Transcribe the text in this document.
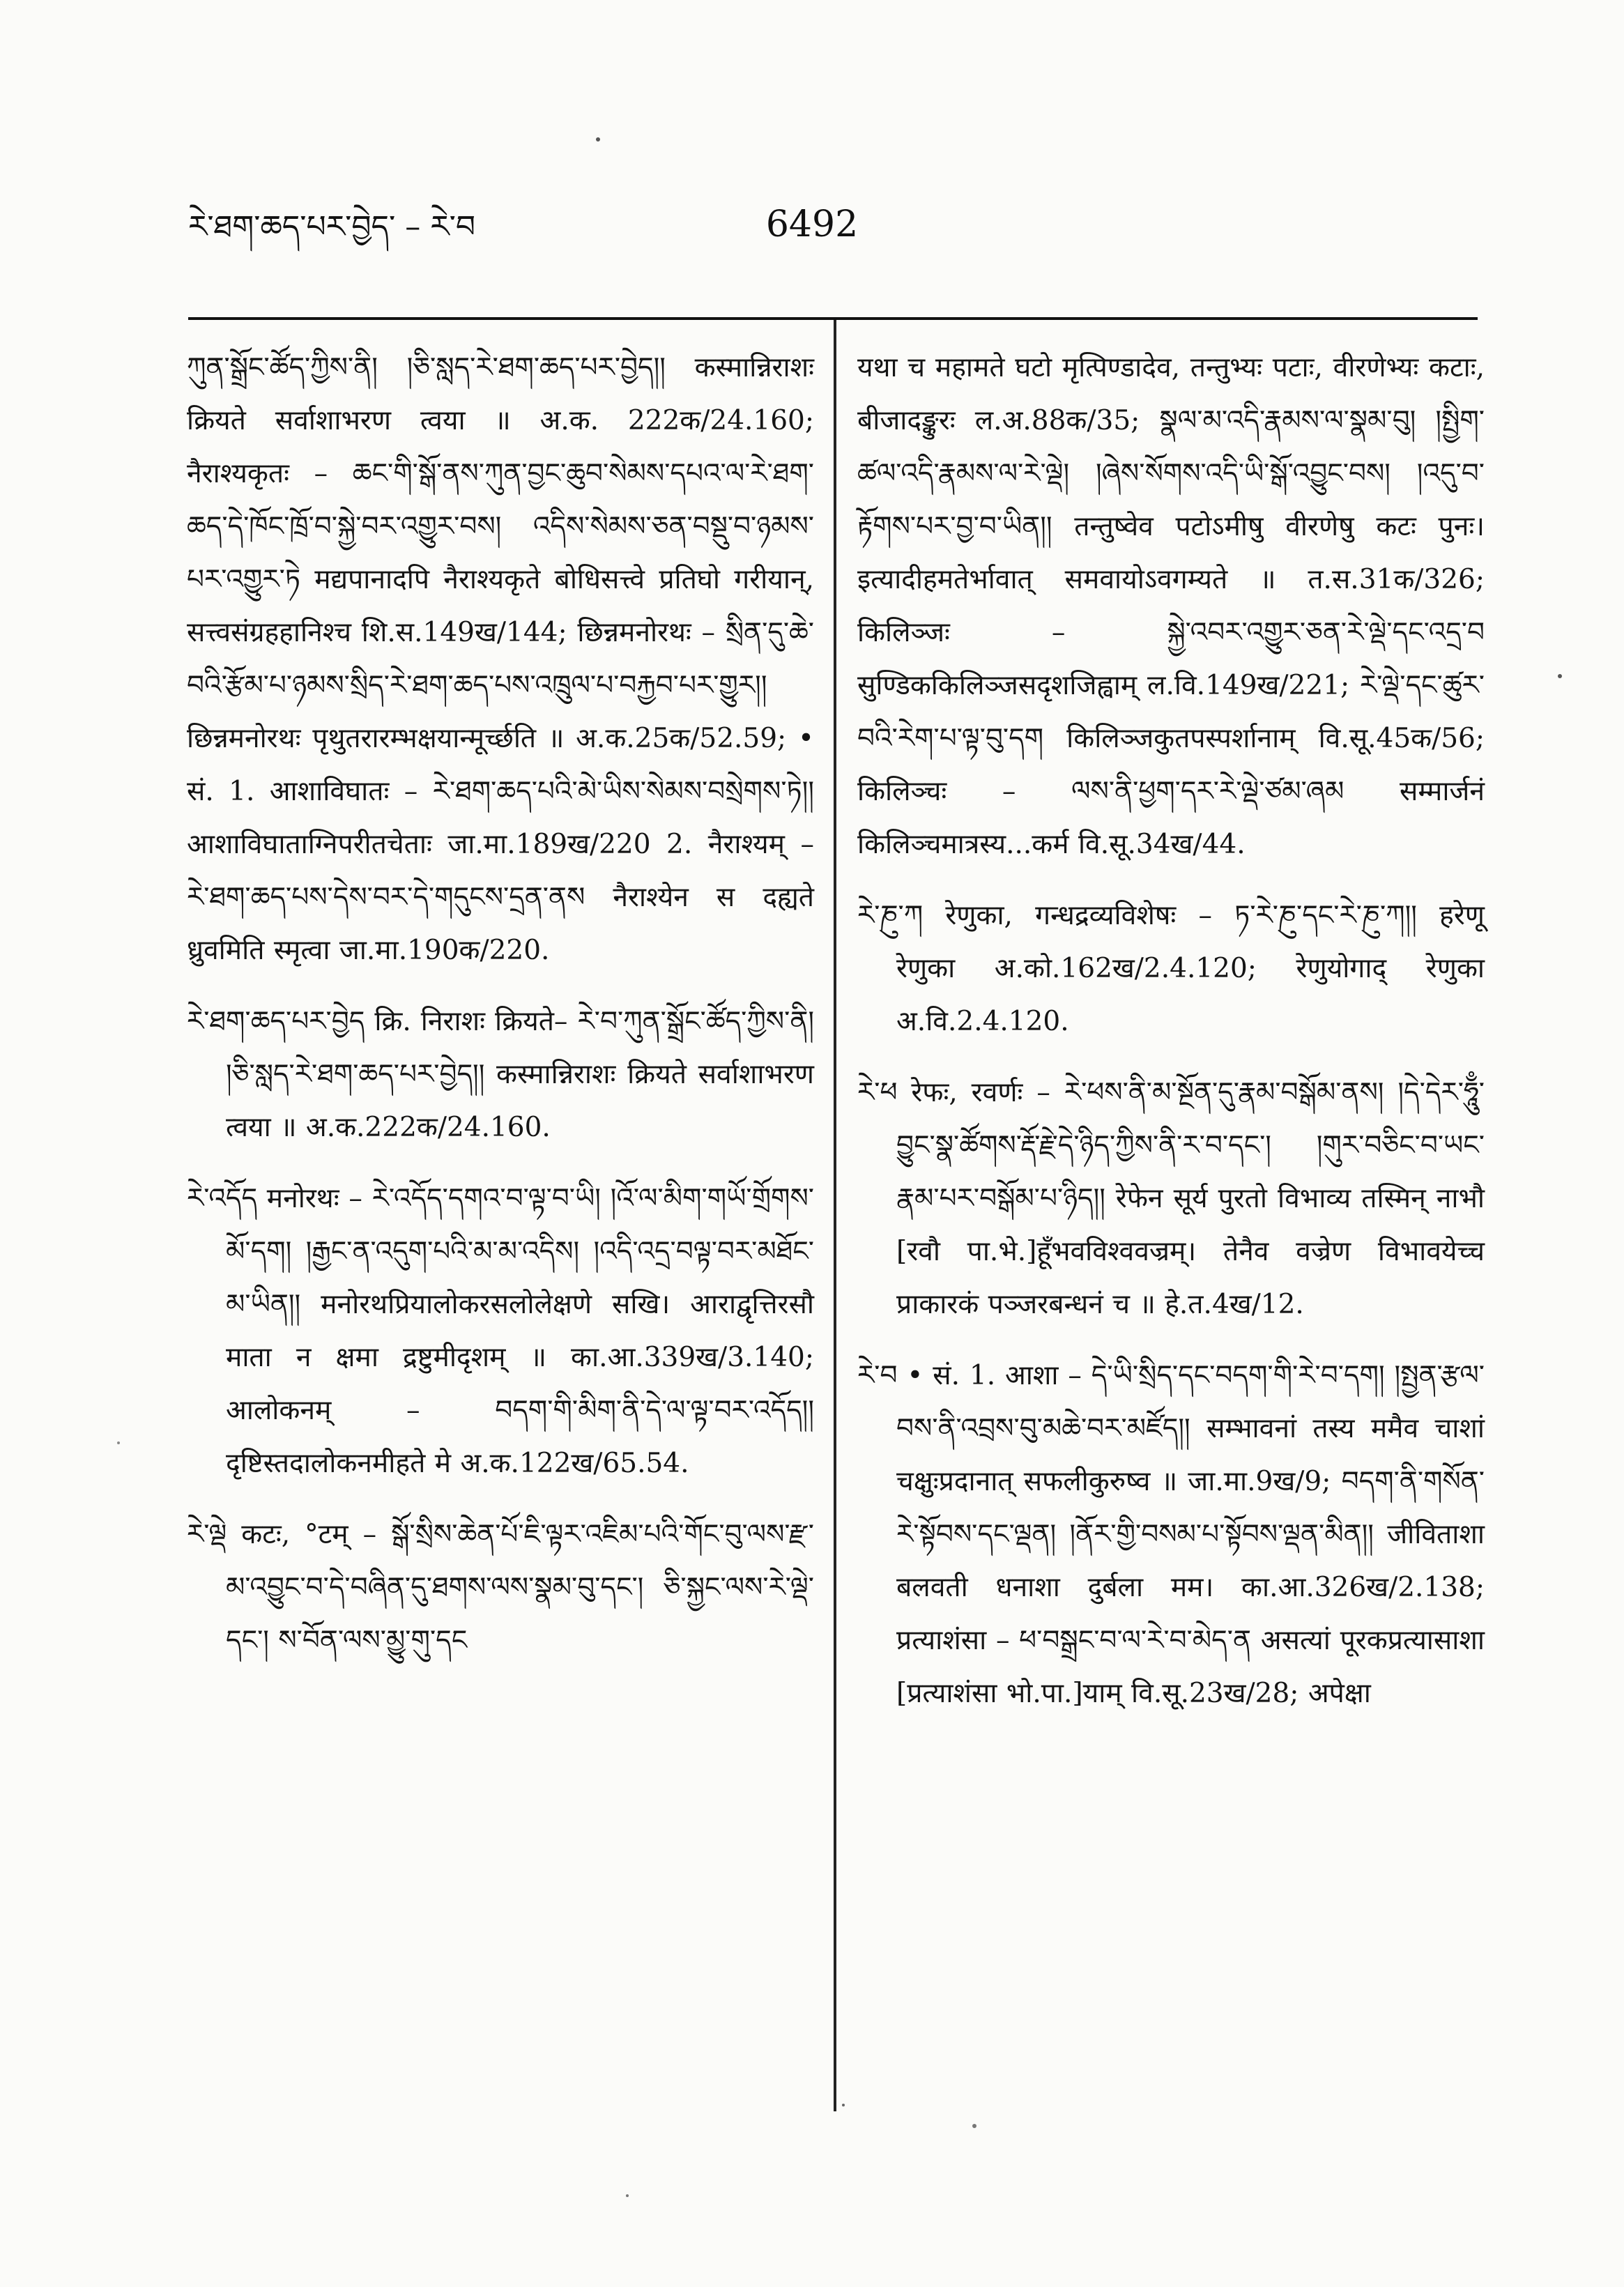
རེ་ཐག་ཆད་པར་བྱེད་ – རེ་བ	6492

ཀུན་སྒྲོང་ཚོད་ཀྱིས་ནི། །ཅི་སླད་རེ་ཐག་ཆད་པར་བྱེད།། कस्मान्निराशः क्रियते सर्वाशाभरण त्वया ॥ अ.क. 222क/24.160; नैराश्यकृतः – ཆང་གི་སྒོ་ནས་ཀུན་བྱང་ཆུབ་སེམས་དཔའ་ལ་རེ་ཐག་ཆད་དེ་ཁོང་ཁྲོ་བ་སྐྱེ་བར་འགྱུར་བས། འདིས་སེམས་ཅན་བསྡུ་བ་ཉམས་པར་འགྱུར་ཏེ मद्यपानादपि नैराश्यकृते बोधिसत्त्वे प्रतिघो गरीयान्, सत्त्वसंग्रहहानिश्च शि.स.149ख/144; छिन्नमनोरथः – སྲིན་དུ་ཆེ་བའི་རྩོམ་པ་ཉམས་སྲིད་རེ་ཐག་ཆད་པས་འཁྲུལ་པ་བརྐྱབ་པར་གྱུར།། छिन्नमनोरथः पृथुतरारम्भक्षयान्मूर्च्छति ॥ अ.क.25क/52.59; • सं. 1. आशाविघातः – རེ་ཐག་ཆད་པའི་མེ་ཡིས་སེམས་བསྲེགས་ཏེ།། आशाविघाताग्निपरीतचेताः जा.मा.189ख/220 2. नैराश्यम् – རེ་ཐག་ཆད་པས་དེས་བར་དེ་གདུངས་དྲན་ནས नैराश्येन स दह्यते ध्रुवमिति स्मृत्वा जा.मा.190क/220.

རེ་ཐག་ཆད་པར་བྱེད क्रि. निराशः क्रियते– རེ་བ་ཀུན་སྒྲོང་ཚོད་ཀྱིས་ནི། །ཅི་སླད་རེ་ཐག་ཆད་པར་བྱེད།། कस्मान्निराशः क्रियते सर्वाशाभरण त्वया ॥ अ.क.222क/24.160.

རེ་འདོད मनोरथः – རེ་འདོད་དགའ་བ་ལྟ་བ་ཡི། །འོ་ལ་མིག་གཡོ་གྲོགས་མོ་དག། །རྒྱང་ན་འདུག་པའི་མ་མ་འདིས། །འདི་འདྲ་བལྟ་བར་མཐོང་མ་ཡིན།། मनोरथप्रियालोकरसलोलेक्षणे सखि। आराद्वृत्तिरसौ माता न क्षमा द्रष्टुमीदृशम् ॥ का.आ.339ख/3.140; आलोकनम् – བདག་གི་མིག་ནི་དེ་ལ་ལྟ་བར་འདོད།། दृष्टिस्तदालोकनमीहते मे अ.क.122ख/65.54.

རེ་ལྡེ कटः, °टम् – སྒོ་སྲིས་ཆེན་པོ་ཇི་ལྟར་འཇིམ་པའི་གོང་བུ་ལས་རྫ་མ་འབྱུང་བ་དེ་བཞིན་དུ་ཐགས་ལས་སྣམ་བུ་དང་། ཅི་སྐྱང་ལས་རེ་ལྡེ་དང་། ས་བོན་ལས་མྱུ་གུ་དང

यथा च महामते घटो मृत्पिण्डादेव, तन्तुभ्यः पटाः, वीरणेभ्यः कटाः, बीजादङ्कुरः ल.अ.88क/35; སྣལ་མ་འདི་རྣམས་ལ་སྣམ་བུ། །སྤྱིག་ཚལ་འདི་རྣམས་ལ་རེ་ལྡེ། །ཞེས་སོགས་འདི་ཡི་སྒོ་འབྱུང་བས། །འདུ་བ་རྟོགས་པར་བྱ་བ་ཡིན།། तन्तुष्वेव पटोऽमीषु वीरणेषु कटः पुनः। इत्यादीहमतेर्भावात् समवायोऽवगम्यते ॥ त.स.31क/326; किलिञ्जः – སྐྱེ་འབར་འགྱུར་ཅན་རེ་ལྡེ་དང་འདྲ་བ सुण्डिककिलिञ्जसदृशजिह्वाम् ल.वि.149ख/221; རེ་ལྡེ་དང་ཚུར་བའི་རེག་པ་ལྟ་བུ་དག किलिञ्जकुतपस्पर्शानाम् वि.सू.45क/56; किलिञ्चः – ལས་ནི་ཕྱག་དར་རེ་ལྡེ་ཙམ་ཞམ सम्मार्जनं किलिञ्चमात्रस्य...कर्म वि.सू.34ख/44.

རེ་ཎུ་ཀ रेणुका, गन्धद्रव्यविशेषः – ཏ་རེ་ཎུ་དང་རེ་ཎུ་ཀ།། हरेणू रेणुका अ.को.162ख/2.4.120; रेणुयोगाद् रेणुका अ.वि.2.4.120.

རེ་ཕ रेफः, रवर्णः – རེ་ཕས་ནི་མ་སྔོན་དུ་རྣམ་བསྒོམ་ནས། །དེ་དེར་ཧཱུྃ་བྱུང་སྣ་ཚོགས་རྡོ་རྗེ་དེ་ཉིད་ཀྱིས་ནི་ར་བ་དང་། །གུར་བཅིང་བ་ཡང་རྣམ་པར་བསྒོམ་པ་ཉིད།། रेफेन सूर्य पुरतो विभाव्य तस्मिन् नाभौ [रवौ पा.भे.]हूँभवविश्ववज्रम्। तेनैव वज्रेण विभावयेच्च प्राकारकं पञ्जरबन्धनं च ॥ हे.त.4ख/12.

རེ་བ • सं. 1. आशा – དེ་ཡི་སྲིད་དང་བདག་གི་རེ་བ་དག། །སྤྱན་རྩལ་བས་ནི་འབྲས་བུ་མཆེ་བར་མཛོད།། सम्भावनां तस्य ममैव चाशां चक्षुःप्रदानात् सफलीकुरुष्व ॥ जा.मा.9ख/9; བདག་ནི་གསོན་རེ་སྟོབས་དང་ལྡན། །ནོར་གྱི་བསམ་པ་སྟོབས་ལྡན་མིན།། जीविताशा बलवती धनाशा दुर्बला मम। का.आ.326ख/2.138; प्रत्याशंसा – ཕ་བསྒྲང་བ་ལ་རེ་བ་མེད་ན असत्यां पूरकप्रत्यासाशा [प्रत्याशंसा भो.पा.]याम् वि.सू.23ख/28; अपेक्षा
